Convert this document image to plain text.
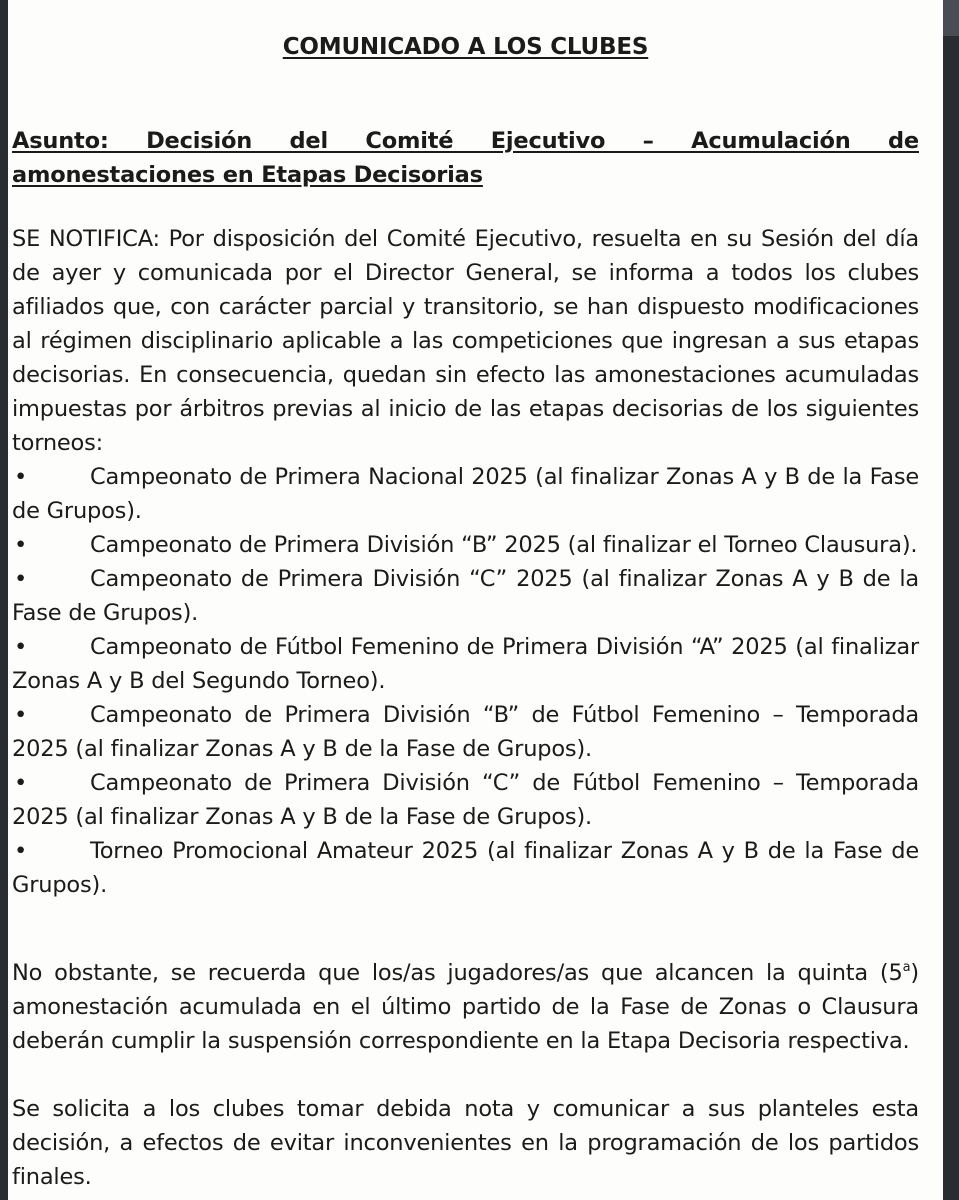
COMUNICADO A LOS CLUBES

Asunto: Decisión del Comité Ejecutivo – Acumulación de
amonestaciones en Etapas Decisorias

SE NOTIFICA: Por disposición del Comité Ejecutivo, resuelta en su Sesión del día de ayer y comunicada por el Director General, se informa a todos los clubes afiliados que, con carácter parcial y transitorio, se han dispuesto modificaciones al régimen disciplinario aplicable a las competiciones que ingresan a sus etapas decisorias. En consecuencia, quedan sin efecto las amonestaciones acumuladas impuestas por árbitros previas al inicio de las etapas decisorias de los siguientes torneos:

•	Campeonato de Primera Nacional 2025 (al finalizar Zonas A y B de la Fase de Grupos).
•	Campeonato de Primera División “B” 2025 (al finalizar el Torneo Clausura).
•	Campeonato de Primera División “C” 2025 (al finalizar Zonas A y B de la Fase de Grupos).
•	Campeonato de Fútbol Femenino de Primera División “A” 2025 (al finalizar Zonas A y B del Segundo Torneo).
•	Campeonato de Primera División “B” de Fútbol Femenino – Temporada 2025 (al finalizar Zonas A y B de la Fase de Grupos).
•	Campeonato de Primera División “C” de Fútbol Femenino – Temporada 2025 (al finalizar Zonas A y B de la Fase de Grupos).
•	Torneo Promocional Amateur 2025 (al finalizar Zonas A y B de la Fase de Grupos).

No obstante, se recuerda que los/as jugadores/as que alcancen la quinta (5$^a$) amonestación acumulada en el último partido de la Fase de Zonas o Clausura deberán cumplir la suspensión correspondiente en la Etapa Decisoria respectiva.

Se solicita a los clubes tomar debida nota y comunicar a sus planteles esta decisión, a efectos de evitar inconvenientes en la programación de los partidos finales.
